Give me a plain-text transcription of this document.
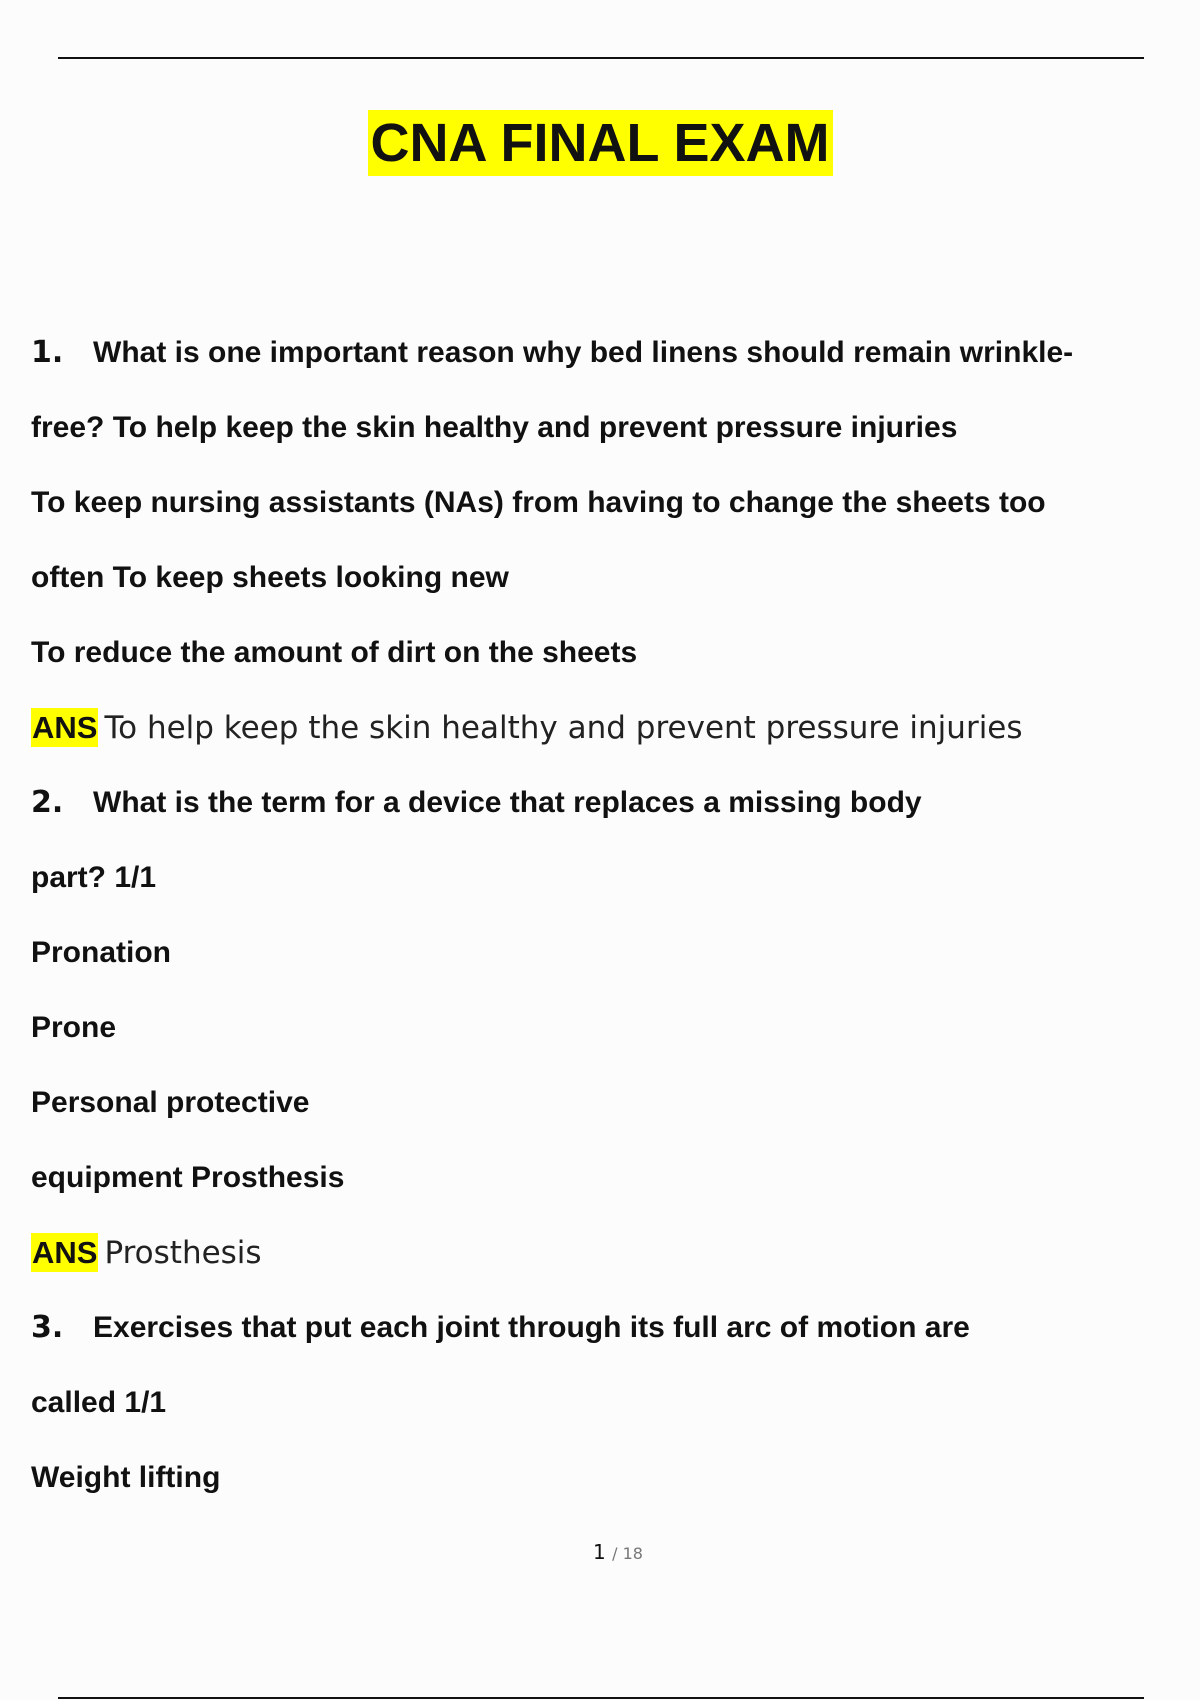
CNA FINAL EXAM
1. What is one important reason why bed linens should remain wrinkle-
free? To help keep the skin healthy and prevent pressure injuries
To keep nursing assistants (NAs) from having to change the sheets too
often To keep sheets looking new
To reduce the amount of dirt on the sheets
ANS To help keep the skin healthy and prevent pressure injuries
2. What is the term for a device that replaces a missing body
part? 1/1
Pronation
Prone
Personal protective
equipment Prosthesis
ANS Prosthesis
3. Exercises that put each joint through its full arc of motion are
called 1/1
Weight lifting
1 / 18
